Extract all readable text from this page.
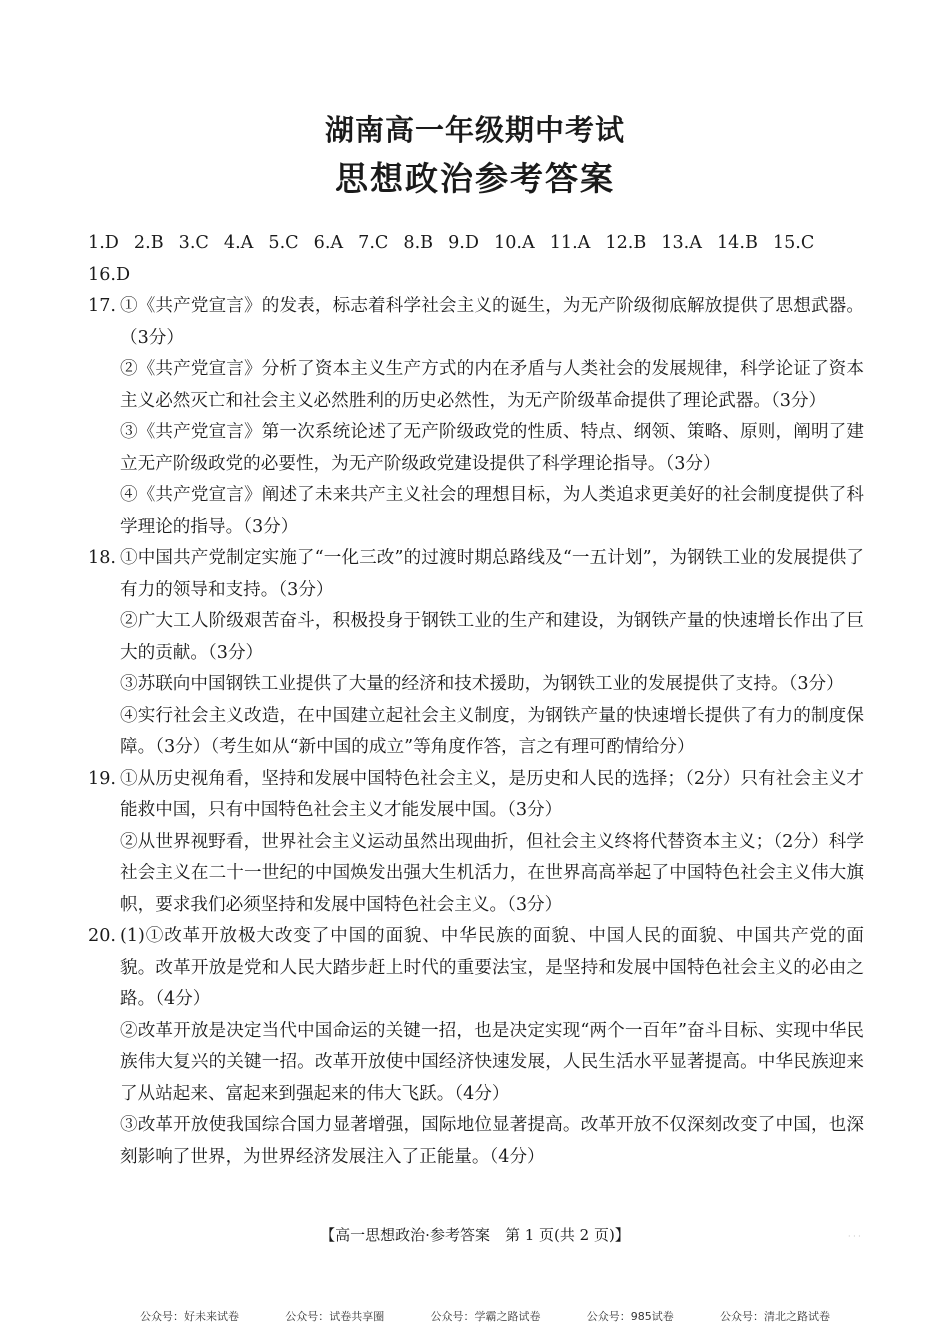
湖南高一年级期中考试
思想政治参考答案
1.D 2.B 3.C 4.A 5.C 6.A 7.C 8.B 9.D 10.A 11.A 12.B 13.A 14.B 15.C
16.D
17. ①《共产党宣言》的发表，标志着科学社会主义的诞生，为无产阶级彻底解放提供了思想武器。（3分）

②《共产党宣言》分析了资本主义生产方式的内在矛盾与人类社会的发展规律，科学论证了资本主义必然灭亡和社会主义必然胜利的历史必然性，为无产阶级革命提供了理论武器。（3分）

③《共产党宣言》第一次系统论述了无产阶级政党的性质、特点、纲领、策略、原则，阐明了建立无产阶级政党的必要性，为无产阶级政党建设提供了科学理论指导。（3分）

④《共产党宣言》阐述了未来共产主义社会的理想目标，为人类追求更美好的社会制度提供了科学理论的指导。（3分）

18. ①中国共产党制定实施了“一化三改”的过渡时期总路线及“一五计划”，为钢铁工业的发展提供了有力的领导和支持。（3分）

②广大工人阶级艰苦奋斗，积极投身于钢铁工业的生产和建设，为钢铁产量的快速增长作出了巨大的贡献。（3分）

③苏联向中国钢铁工业提供了大量的经济和技术援助，为钢铁工业的发展提供了支持。（3分）

④实行社会主义改造，在中国建立起社会主义制度，为钢铁产量的快速增长提供了有力的制度保障。（3分）（考生如从“新中国的成立”等角度作答，言之有理可酌情给分）

19. ①从历史视角看，坚持和发展中国特色社会主义，是历史和人民的选择；（2分）只有社会主义才能救中国，只有中国特色社会主义才能发展中国。（3分）

②从世界视野看，世界社会主义运动虽然出现曲折，但社会主义终将代替资本主义；（2分）科学社会主义在二十一世纪的中国焕发出强大生机活力，在世界高高举起了中国特色社会主义伟大旗帜，要求我们必须坚持和发展中国特色社会主义。（3分）

20. (1)①改革开放极大改变了中国的面貌、中华民族的面貌、中国人民的面貌、中国共产党的面貌。改革开放是党和人民大踏步赶上时代的重要法宝，是坚持和发展中国特色社会主义的必由之路。（4分）

②改革开放是决定当代中国命运的关键一招，也是决定实现“两个一百年”奋斗目标、实现中华民族伟大复兴的关键一招。改革开放使中国经济快速发展，人民生活水平显著提高。中华民族迎来了从站起来、富起来到强起来的伟大飞跃。（4分）

③改革开放使我国综合国力显著增强，国际地位显著提高。改革开放不仅深刻改变了中国，也深刻影响了世界，为世界经济发展注入了正能量。（4分）

· · ·
【高一思想政治·参考答案　第 1 页(共 2 页)】
公众号：好未来试卷	公众号：试卷共享圈	公众号：学霸之路试卷	公众号：985试卷	公众号：清北之路试卷
